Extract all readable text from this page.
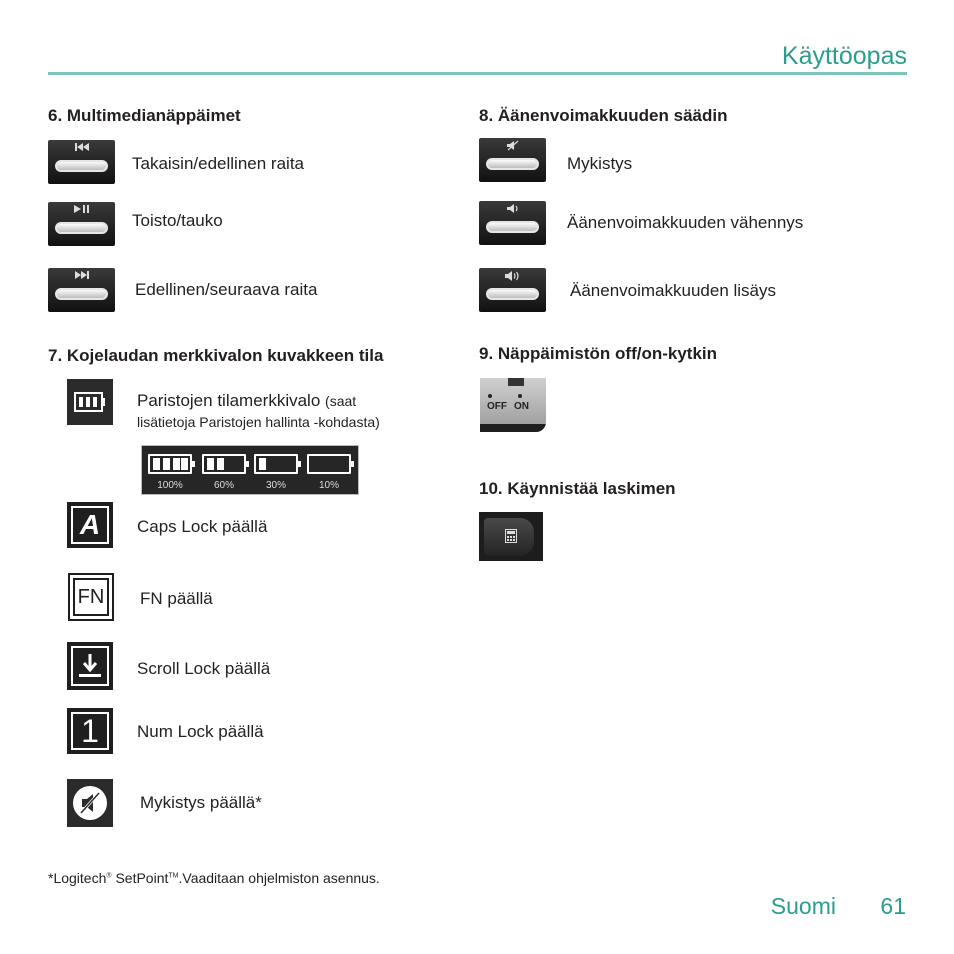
Käyttöopas
6. Multimedianäppäimet
Takaisin/edellinen raita
Toisto/tauko
Edellinen/seuraava raita
7. Kojelaudan merkkivalon kuvakkeen tila
Paristojen tilamerkkivalo (saat
lisätietoja Paristojen hallinta -kohdasta)
100%	60%	30%	10%
A	Caps Lock päällä
FN FN päällä
Scroll Lock päällä
1	Num Lock päällä
Mykistys päällä*
8. Äänenvoimakkuuden säädin
Mykistys
Äänenvoimakkuuden vähennys
Äänenvoimakkuuden lisäys
9. Näppäimistön off/on-kytkin
OFF ON
10. Käynnistää laskimen
*Logitech® SetPoint™.Vaaditaan ohjelmiston asennus.
Suomi 61
